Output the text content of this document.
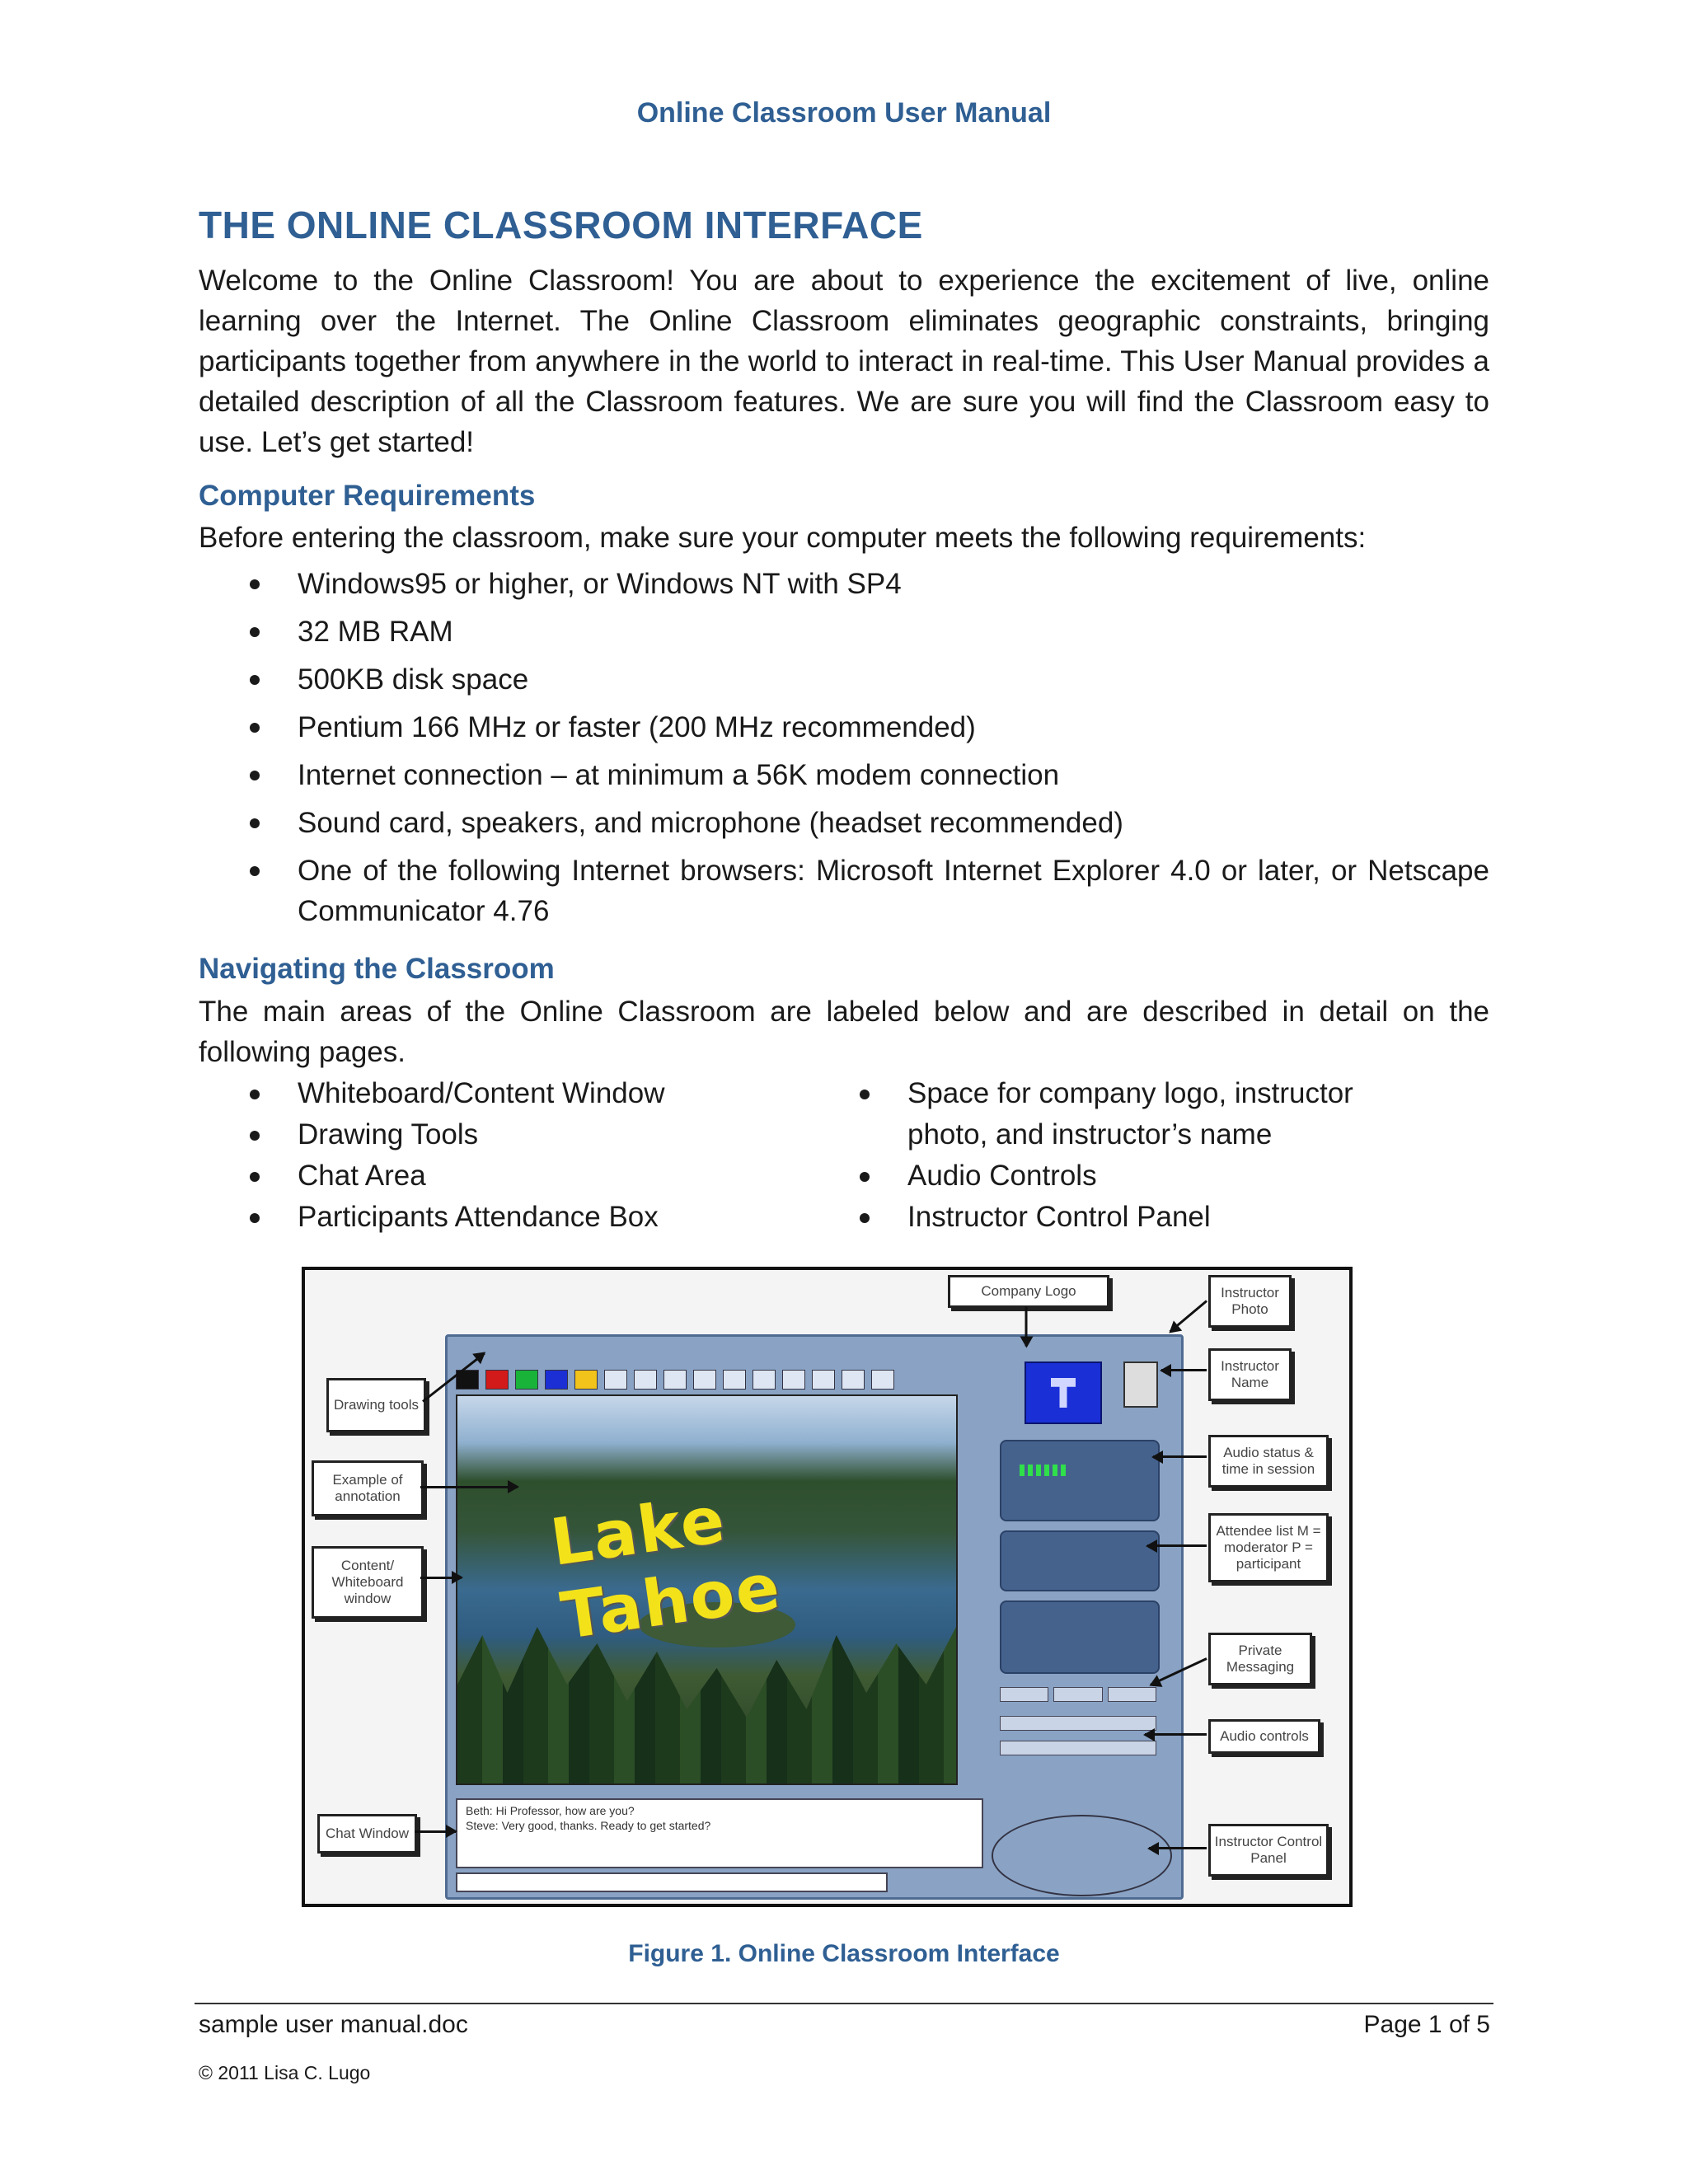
Online Classroom User Manual
THE ONLINE CLASSROOM INTERFACE

Welcome to the Online Classroom! You are about to experience the excitement of live, online learning over the Internet. The Online Classroom eliminates geographic constraints, bringing participants together from anywhere in the world to interact in real-time. This User Manual provides a detailed description of all the Classroom features. We are sure you will find the Classroom easy to use. Let’s get started!

Computer Requirements

Before entering the classroom, make sure your computer meets the following requirements:

Windows95 or higher, or Windows NT with SP4
32 MB RAM
500KB disk space
Pentium 166 MHz or faster (200 MHz recommended)
Internet connection – at minimum a 56K modem connection
Sound card, speakers, and microphone (headset recommended)
One of the following Internet browsers: Microsoft Internet Explorer 4.0 or later, or Netscape Communicator 4.76
Navigating the Classroom

The main areas of the Online Classroom are labeled below and are described in detail on the following pages.

Whiteboard/Content Window
Drawing Tools
Chat Area
Participants Attendance Box
Space for company logo, instructor photo, and instructor’s name
Audio Controls
Instructor Control Panel
Lake Tahoe
Beth: Hi Professor, how are you?
Steve: Very good, thanks. Ready to get started?
Company Logo	Instructor Photo
Instructor Name
Drawing tools
Example of annotation
Content/ Whiteboard window
Audio status & time in session
Attendee list M = moderator P = participant
Private Messaging
Audio controls
Chat Window
Instructor Control Panel
Figure 1. Online Classroom Interface
sample user manual.doc	Page 1 of 5
© 2011 Lisa C. Lugo
